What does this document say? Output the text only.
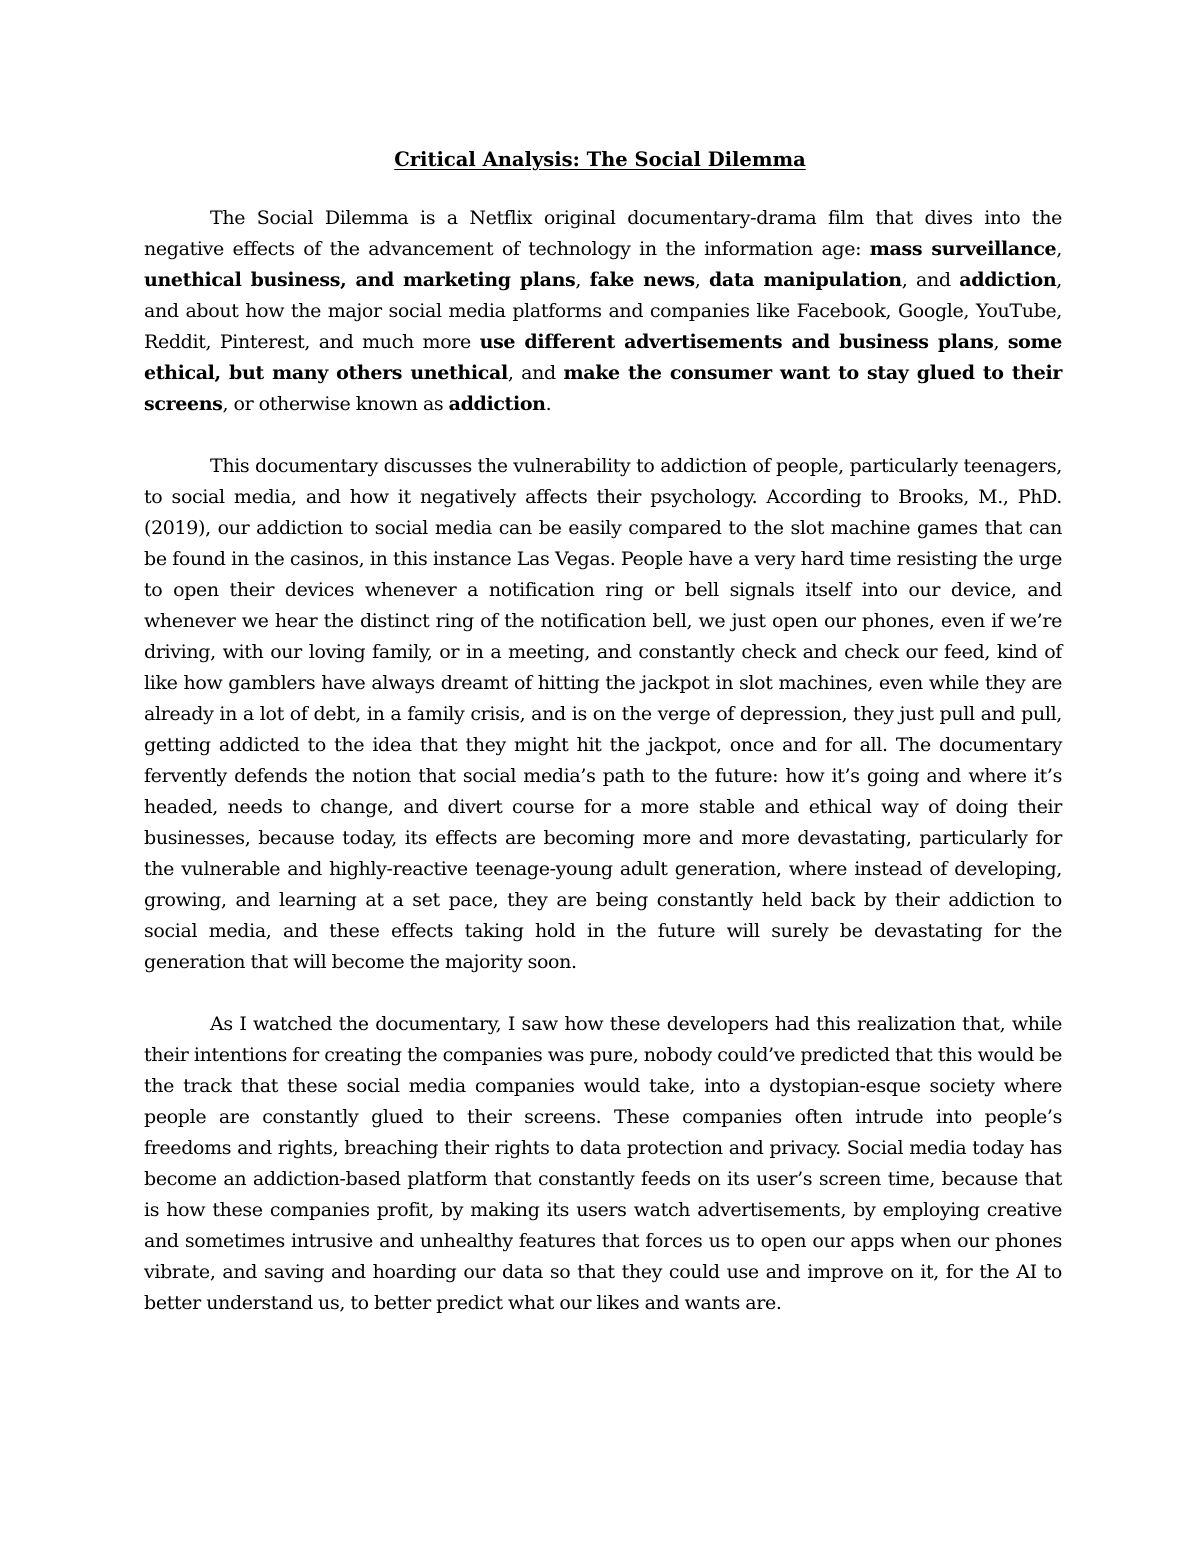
Critical Analysis: The Social Dilemma

The Social Dilemma is a Netflix original documentary-drama film that dives into the negative effects of the advancement of technology in the information age: mass surveillance, unethical business, and marketing plans, fake news, data manipulation, and addiction, and about how the major social media platforms and companies like Facebook, Google, YouTube, Reddit, Pinterest, and much more use different advertisements and business plans, some ethical, but many others unethical, and make the consumer want to stay glued to their screens, or otherwise known as addiction.

This documentary discusses the vulnerability to addiction of people, particularly teenagers, to social media, and how it negatively affects their psychology. According to Brooks, M., PhD. (2019), our addiction to social media can be easily compared to the slot machine games that can be found in the casinos, in this instance Las Vegas. People have a very hard time resisting the urge to open their devices whenever a notification ring or bell signals itself into our device, and whenever we hear the distinct ring of the notification bell, we just open our phones, even if we’re driving, with our loving family, or in a meeting, and constantly check and check our feed, kind of like how gamblers have always dreamt of hitting the jackpot in slot machines, even while they are already in a lot of debt, in a family crisis, and is on the verge of depression, they just pull and pull, getting addicted to the idea that they might hit the jackpot, once and for all. The documentary fervently defends the notion that social media’s path to the future: how it’s going and where it’s headed, needs to change, and divert course for a more stable and ethical way of doing their businesses, because today, its effects are becoming more and more devastating, particularly for the vulnerable and highly-reactive teenage-young adult generation, where instead of developing, growing, and learning at a set pace, they are being constantly held back by their addiction to social media, and these effects taking hold in the future will surely be devastating for the generation that will become the majority soon.

As I watched the documentary, I saw how these developers had this realization that, while their intentions for creating the companies was pure, nobody could’ve predicted that this would be the track that these social media companies would take, into a dystopian-esque society where people are constantly glued to their screens. These companies often intrude into people’s freedoms and rights, breaching their rights to data protection and privacy. Social media today has become an addiction-based platform that constantly feeds on its user’s screen time, because that is how these companies profit, by making its users watch advertisements, by employing creative and sometimes intrusive and unhealthy features that forces us to open our apps when our phones vibrate, and saving and hoarding our data so that they could use and improve on it, for the AI to better understand us, to better predict what our likes and wants are.
